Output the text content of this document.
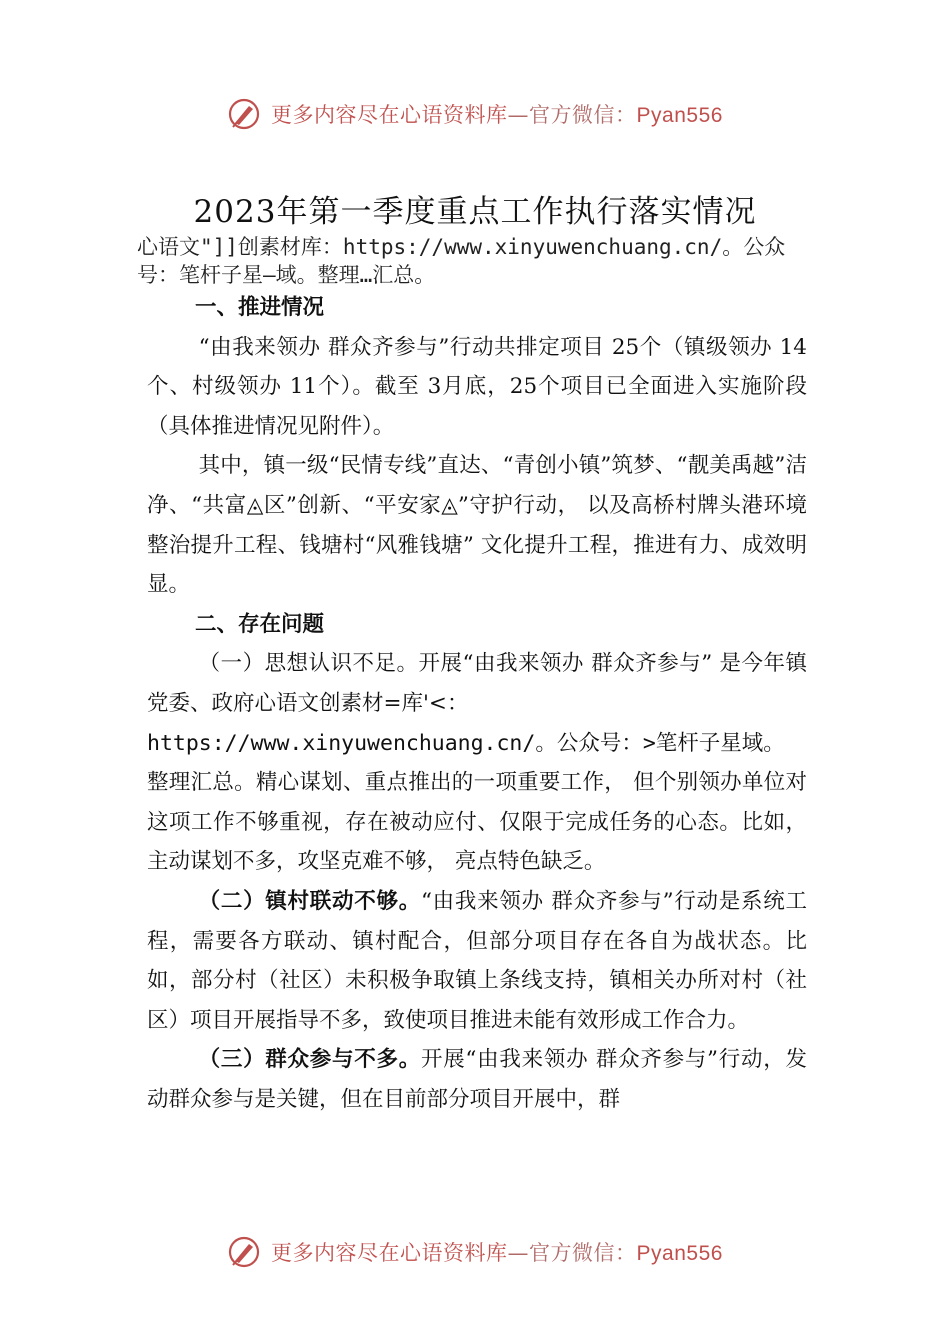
更多内容尽在心语资料库—官方微信：Pyan556
2023年第一季度重点工作执行落实情况
心语文"]]创素材库：https://www.xinyuwenchuang.cn/。公众号：笔杆子星—域。整理…汇总。

一、推进情况

“由我来领办 群众齐参与”行动共排定项目 25个（镇级领办 14个、村级领办 11个）。截至 3月底，25个项目已全面进入实施阶段（具体推进情况见附件）。

其中，镇一级“民情专线”直达、“青创小镇”筑梦、“靓美禹越”洁净、“共富◬区”创新、“平安家◬”守护行动， 以及高桥村牌头港环境整治提升工程、钱塘村“风雅钱塘” 文化提升工程，推进有力、成效明显。

二、存在问题

（一）思想认识不足。开展“由我来领办 群众齐参与” 是今年镇党委、政府心语文创素材=库'<：
https://www.xinyuwenchuang.cn/。公众号：>笔杆子星域。
整理汇总。精心谋划、重点推出的一项重要工作， 但个别领办单位对这项工作不够重视，存在被动应付、仅限于完成任务的心态。比如，主动谋划不多，攻坚克难不够， 亮点特色缺乏。

（二）镇村联动不够。“由我来领办 群众齐参与”行动是系统工程，需要各方联动、镇村配合，但部分项目存在各自为战状态。比如，部分村（社区）未积极争取镇上条线支持，镇相关办所对村（社区）项目开展指导不多，致使项目推进未能有效形成工作合力。

（三）群众参与不多。开展“由我来领办 群众齐参与”行动，发动群众参与是关键，但在目前部分项目开展中，群

更多内容尽在心语资料库—官方微信：Pyan556
